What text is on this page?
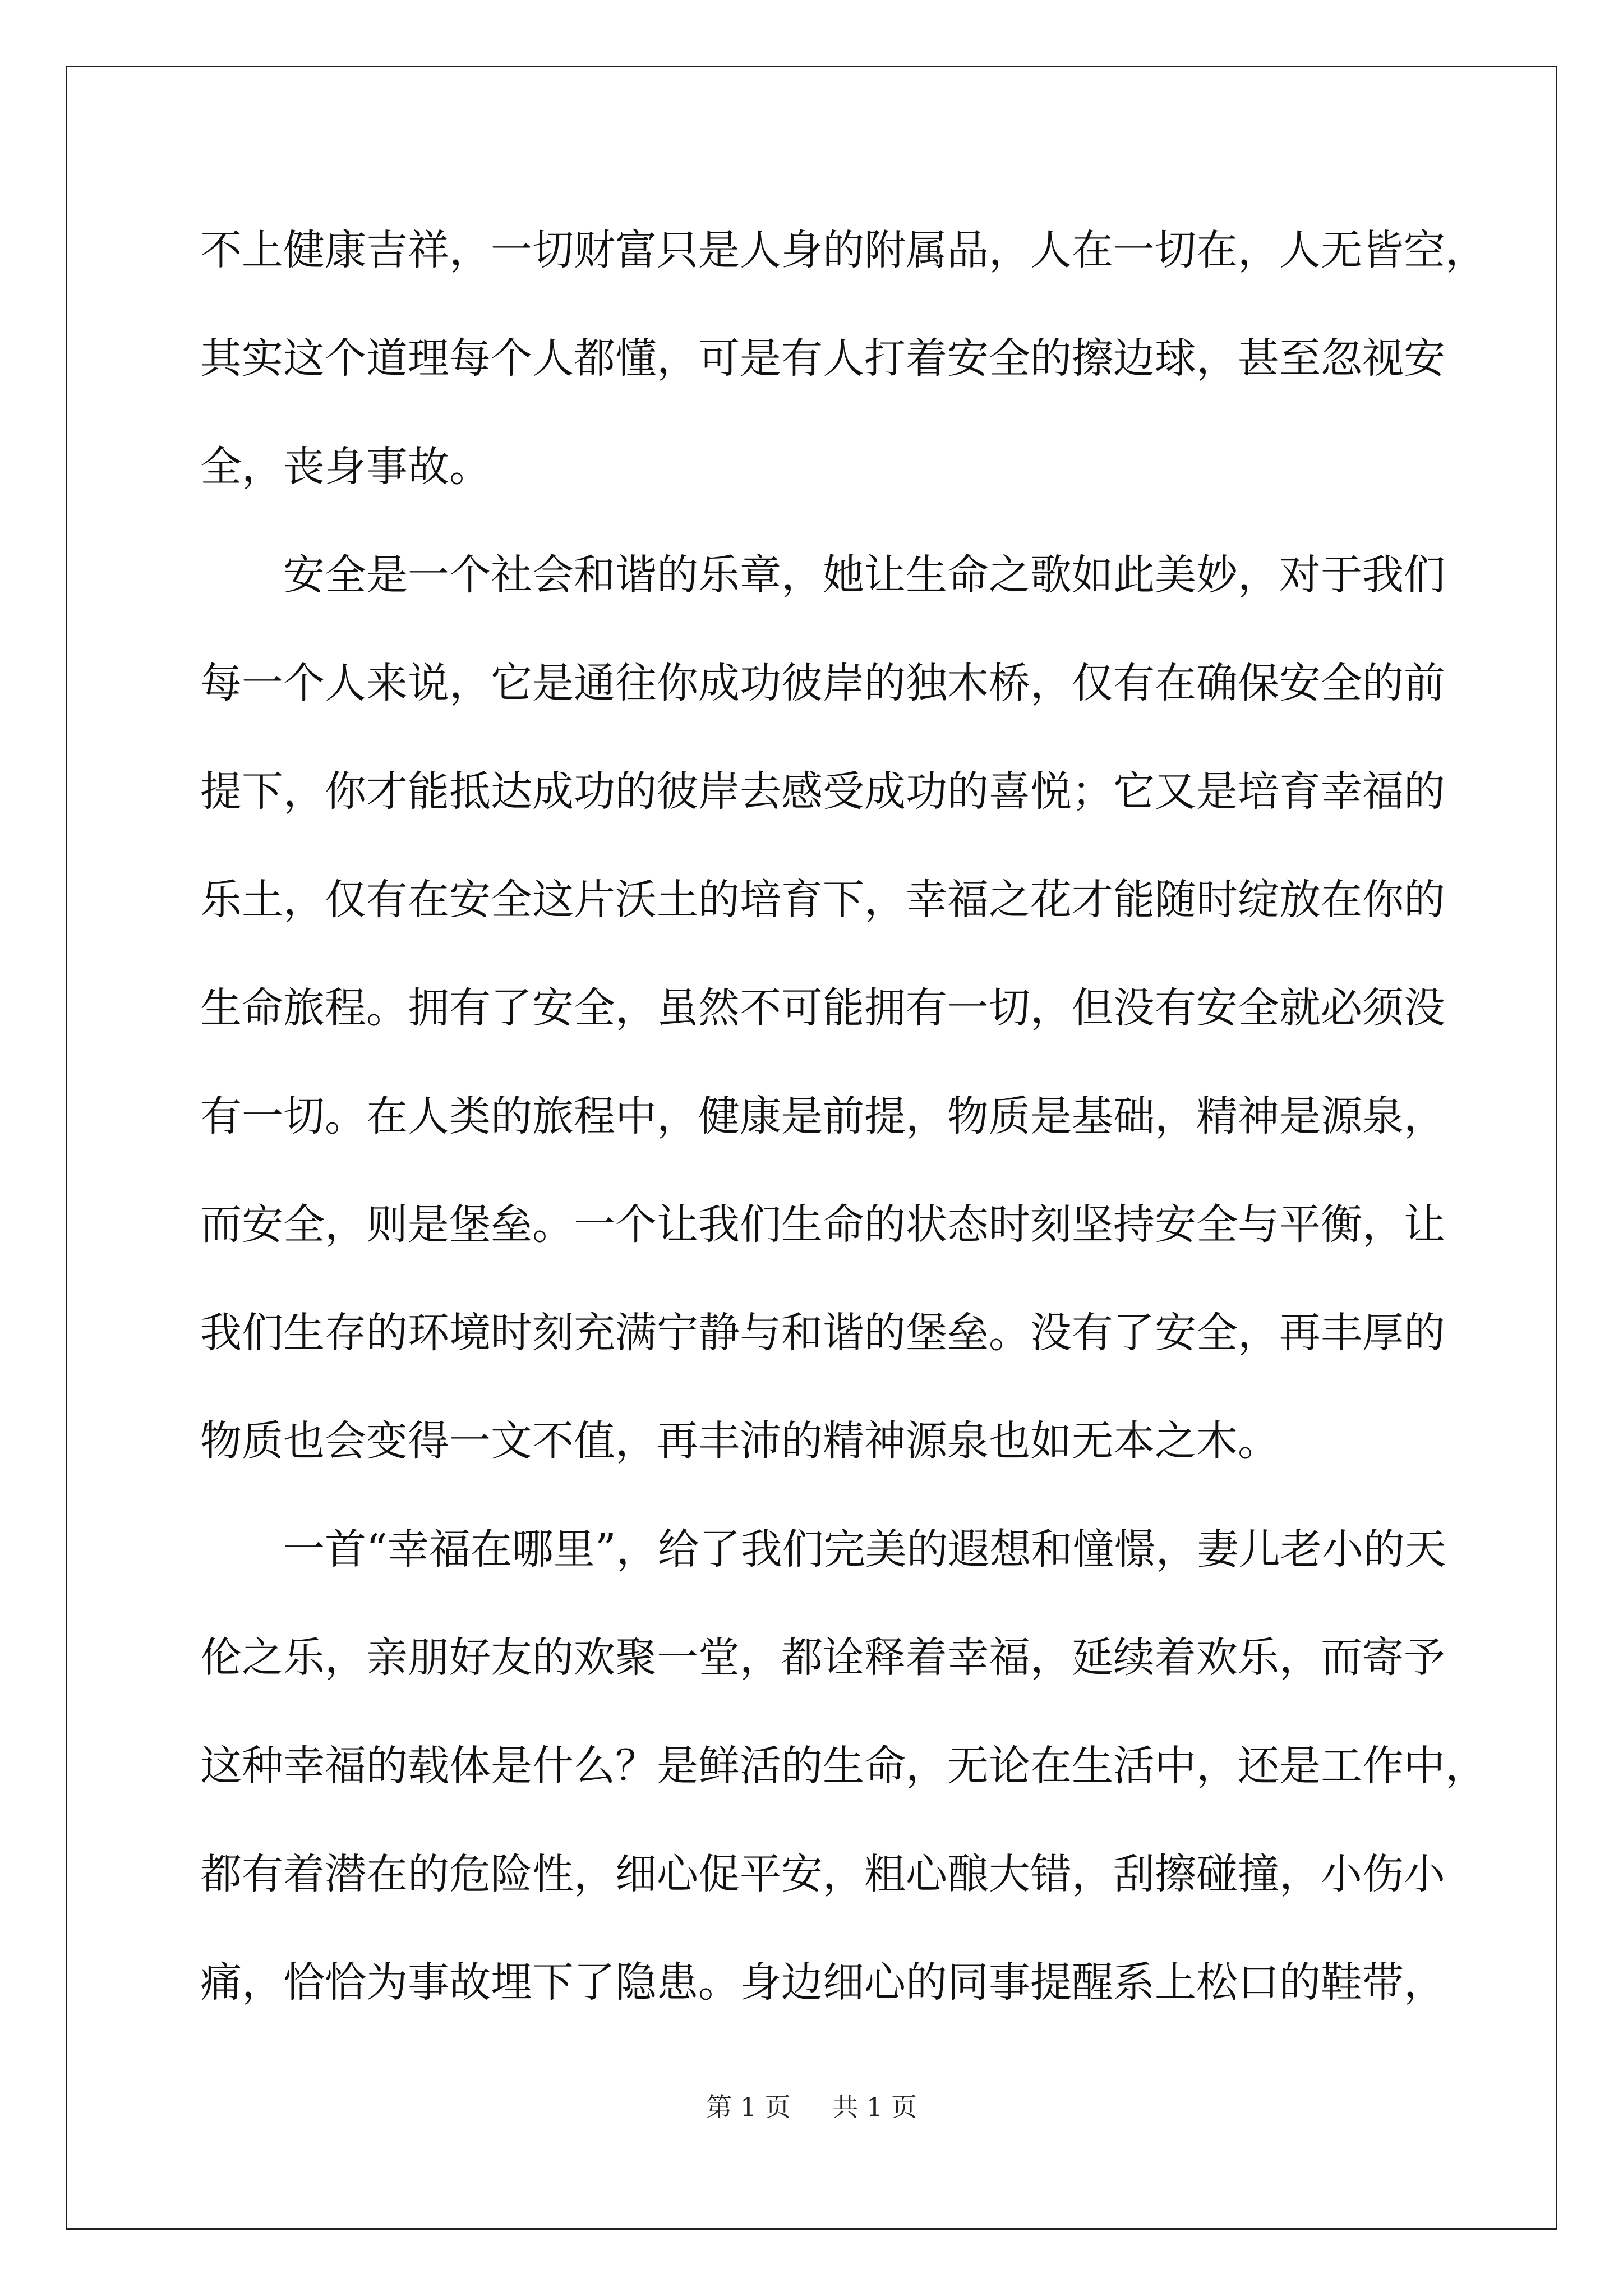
不上健康吉祥，一切财富只是人身的附属品，人在一切在，人无皆空，
其实这个道理每个人都懂，可是有人打着安全的擦边球，甚至忽视安
全，丧身事故。
安全是一个社会和谐的乐章，她让生命之歌如此美妙，对于我们
每一个人来说，它是通往你成功彼岸的独木桥，仅有在确保安全的前
提下，你才能抵达成功的彼岸去感受成功的喜悦；它又是培育幸福的
乐土，仅有在安全这片沃土的培育下，幸福之花才能随时绽放在你的
生命旅程。拥有了安全，虽然不可能拥有一切，但没有安全就必须没
有一切。在人类的旅程中，健康是前提，物质是基础，精神是源泉，
而安全，则是堡垒。一个让我们生命的状态时刻坚持安全与平衡，让
我们生存的环境时刻充满宁静与和谐的堡垒。没有了安全，再丰厚的
物质也会变得一文不值，再丰沛的精神源泉也如无本之木。
一首“幸福在哪里”，给了我们完美的遐想和憧憬，妻儿老小的天
伦之乐，亲朋好友的欢聚一堂，都诠释着幸福，延续着欢乐，而寄予
这种幸福的载体是什么？是鲜活的生命，无论在生活中，还是工作中，
都有着潜在的危险性，细心促平安，粗心酿大错，刮擦碰撞，小伤小
痛，恰恰为事故埋下了隐患。身边细心的同事提醒系上松口的鞋带，
第 1 页 共 1 页
